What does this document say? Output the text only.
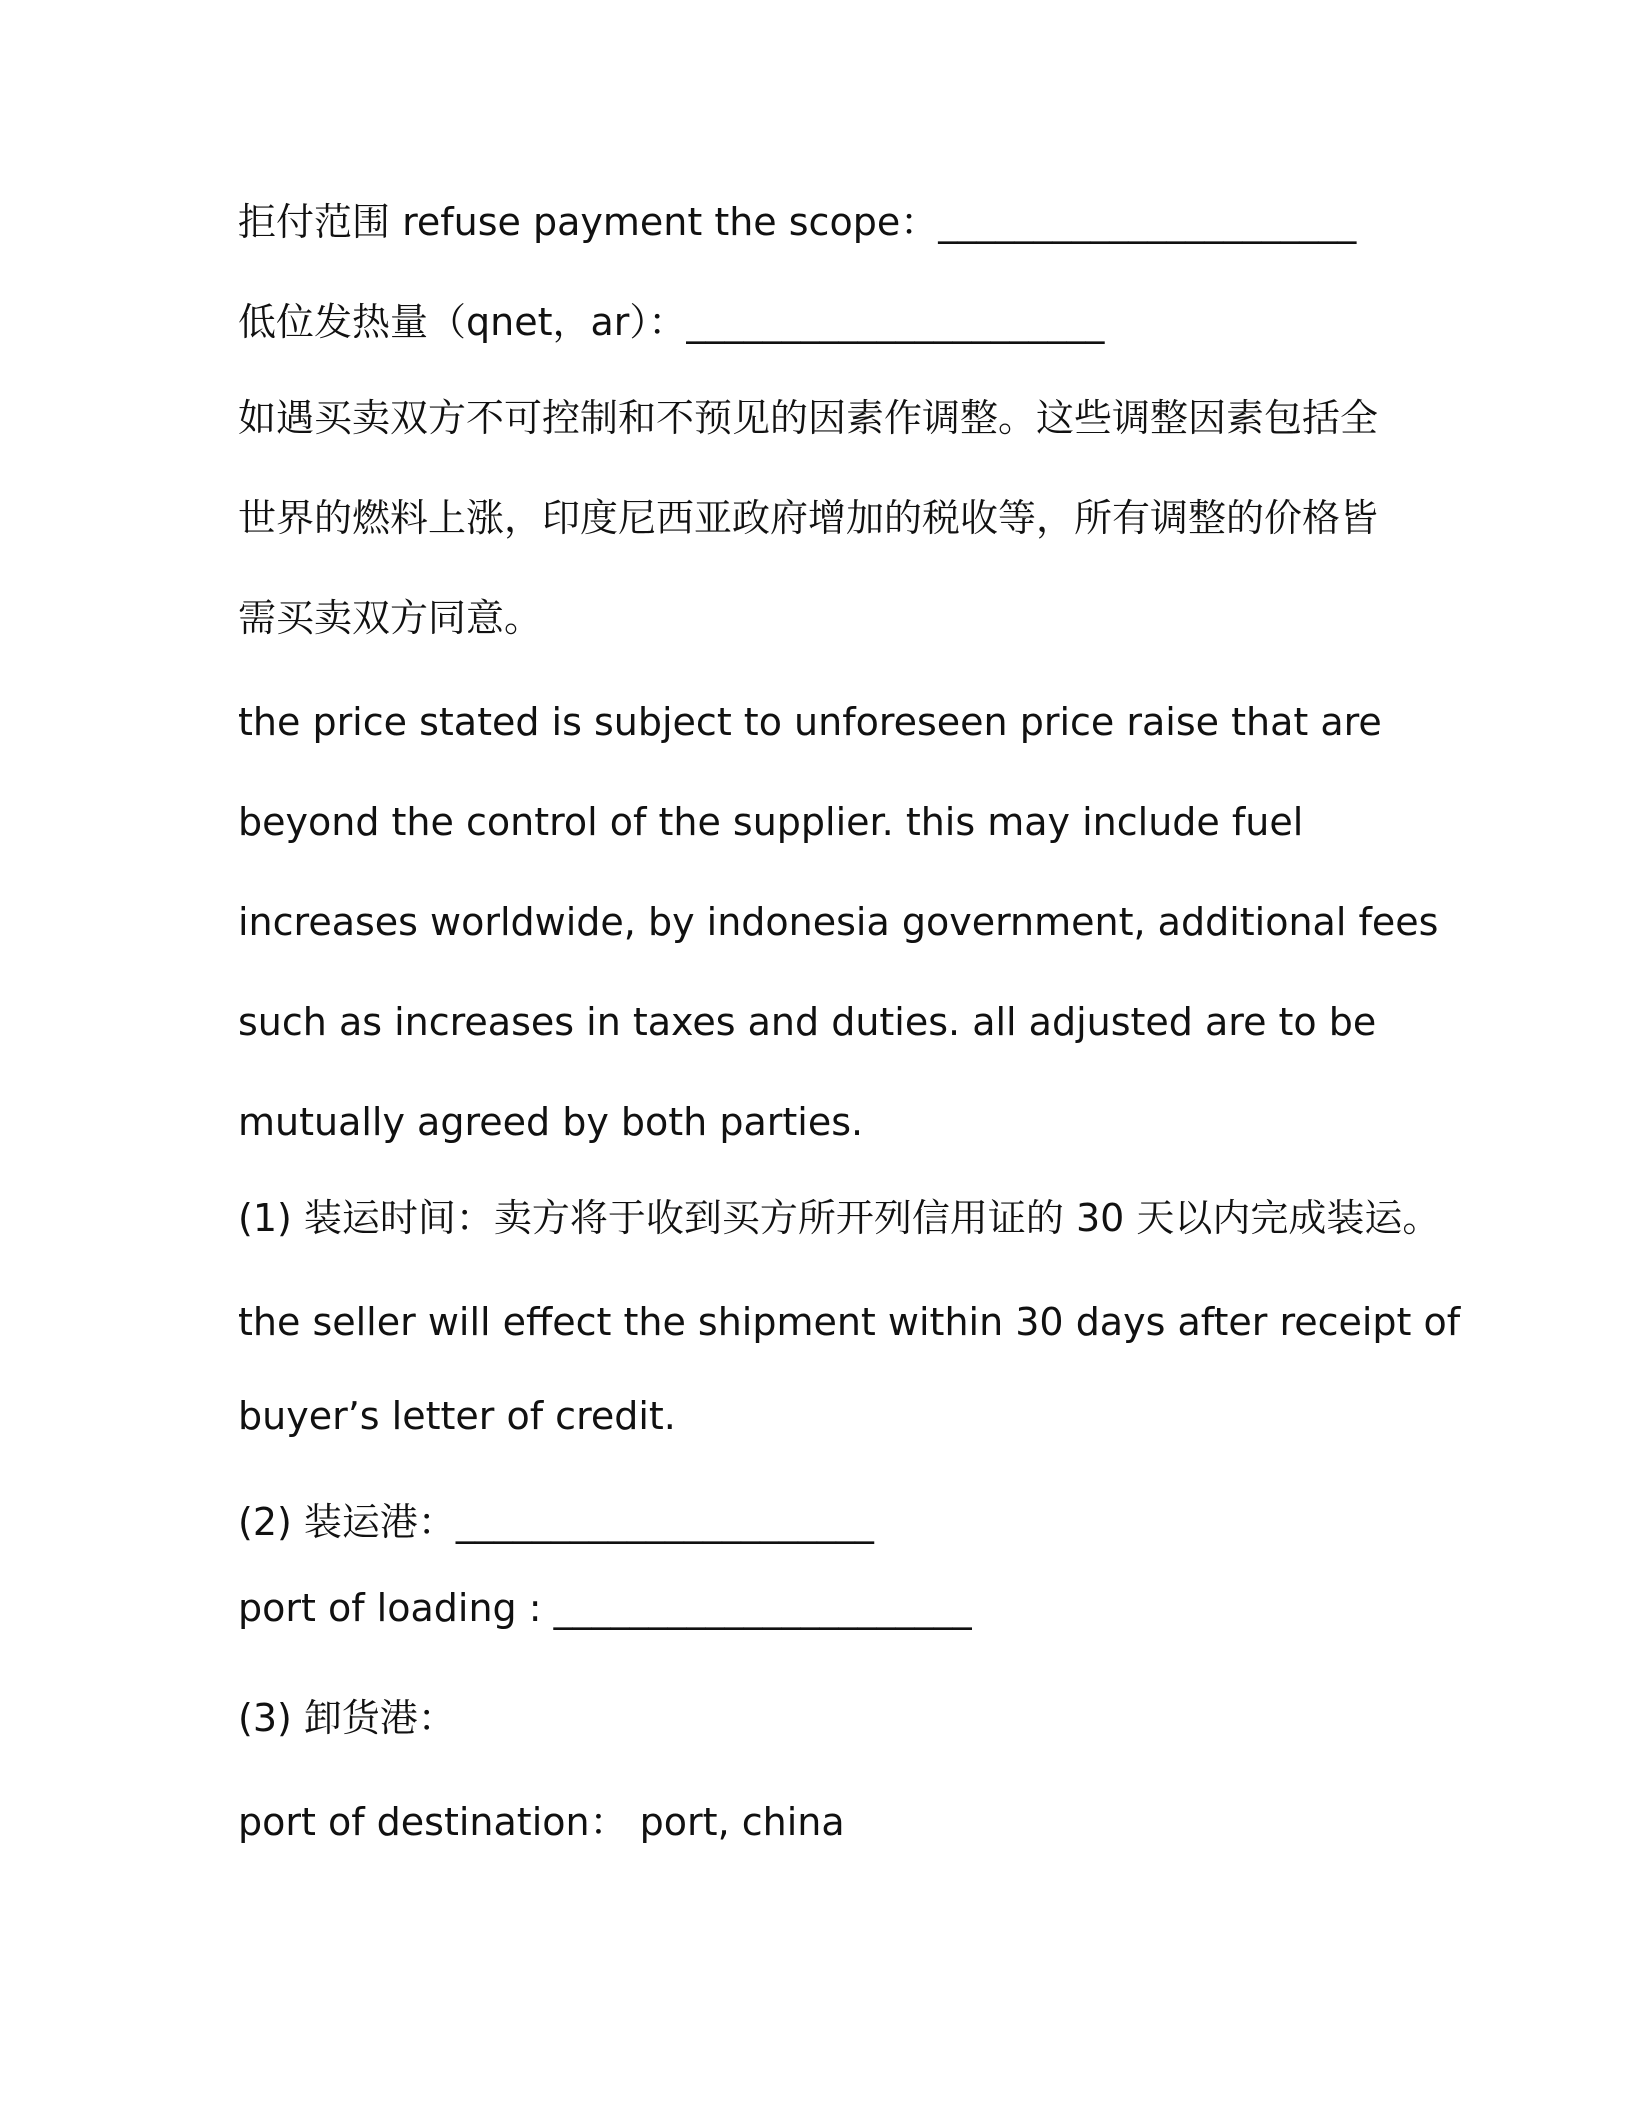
拒付范围 refuse payment the scope：______________________
低位发热量（qnet，ar）：______________________
如遇买卖双方不可控制和不预见的因素作调整。这些调整因素包括全
世界的燃料上涨，印度尼西亚政府增加的税收等，所有调整的价格皆
需买卖双方同意。
the price stated is subject to unforeseen price raise that are
beyond the control of the supplier. this may include fuel
increases worldwide, by indonesia government, additional fees
such as increases in taxes and duties. all adjusted are to be
mutually agreed by both parties.
(1) 装运时间：卖方将于收到买方所开列信用证的 30 天以内完成装运。
the seller will effect the shipment within 30 days after receipt of
buyer’s letter of credit.
(2) 装运港：______________________
port of loading : ______________________
(3) 卸货港：
port of destination： port, china
